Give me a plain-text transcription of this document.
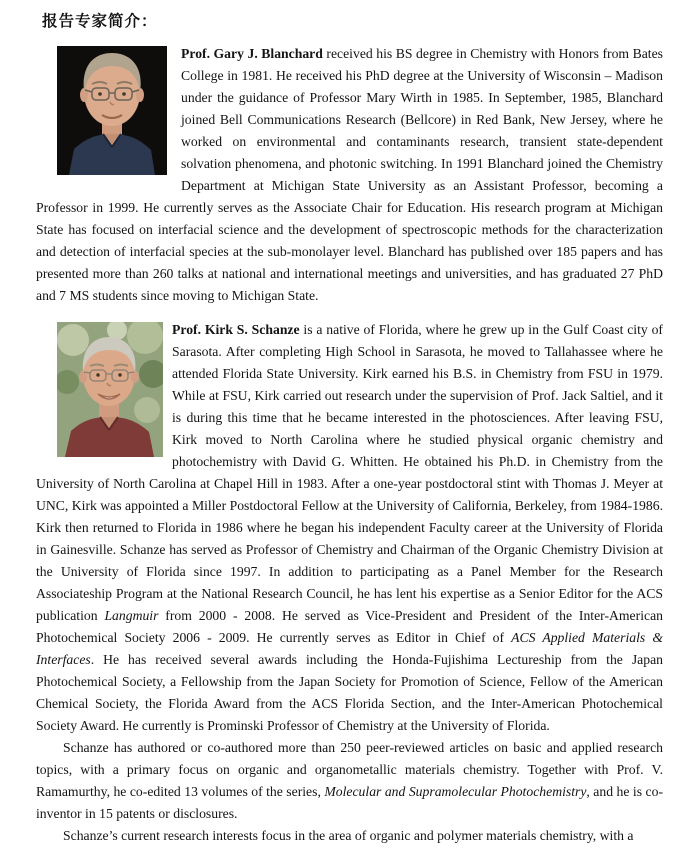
报告专家简介：

Prof. Gary J. Blanchard received his BS degree in Chemistry with Honors from Bates College in 1981. He received his PhD degree at the University of Wisconsin – Madison under the guidance of Professor Mary Wirth in 1985. In September, 1985, Blanchard joined Bell Communications Research (Bellcore) in Red Bank, New Jersey, where he worked on environmental and contaminants research, transient state-dependent solvation phenomena, and photonic switching. In 1991 Blanchard joined the Chemistry Department at Michigan State University as an Assistant Professor, becoming a Professor in 1999. He currently serves as the Associate Chair for Education. His research program at Michigan State has focused on interfacial science and the development of spectroscopic methods for the characterization and detection of interfacial species at the sub-monolayer level. Blanchard has published over 185 papers and has presented more than 260 talks at national and international meetings and universities, and has graduated 27 PhD and 7 MS students since moving to Michigan State.

Prof. Kirk S. Schanze is a native of Florida, where he grew up in the Gulf Coast city of Sarasota. After completing High School in Sarasota, he moved to Tallahassee where he attended Florida State University. Kirk earned his B.S. in Chemistry from FSU in 1979. While at FSU, Kirk carried out research under the supervision of Prof. Jack Saltiel, and it is during this time that he became interested in the photosciences. After leaving FSU, Kirk moved to North Carolina where he studied physical organic chemistry and photochemistry with David G. Whitten. He obtained his Ph.D. in Chemistry from the University of North Carolina at Chapel Hill in 1983. After a one-year postdoctoral stint with Thomas J. Meyer at UNC, Kirk was appointed a Miller Postdoctoral Fellow at the University of California, Berkeley, from 1984-1986. Kirk then returned to Florida in 1986 where he began his independent Faculty career at the University of Florida in Gainesville. Schanze has served as Professor of Chemistry and Chairman of the Organic Chemistry Division at the University of Florida since 1997. In addition to participating as a Panel Member for the Research Associateship Program at the National Research Council, he has lent his expertise as a Senior Editor for the ACS publication Langmuir from 2000 - 2008. He served as Vice-President and President of the Inter-American Photochemical Society 2006 - 2009. He currently serves as Editor in Chief of ACS Applied Materials & Interfaces. He has received several awards including the Honda-Fujishima Lectureship from the Japan Photochemical Society, a Fellowship from the Japan Society for Promotion of Science, Fellow of the American Chemical Society, the Florida Award from the ACS Florida Section, and the Inter-American Photochemical Society Award. He currently is Prominski Professor of Chemistry at the University of Florida.

Schanze has authored or co-authored more than 250 peer-reviewed articles on basic and applied research topics, with a primary focus on organic and organometallic materials chemistry. Together with Prof. V. Ramamurthy, he co-edited 13 volumes of the series, Molecular and Supramolecular Photochemistry, and he is co-inventor in 15 patents or disclosures.

Schanze’s current research interests focus in the area of organic and polymer materials chemistry, with a
